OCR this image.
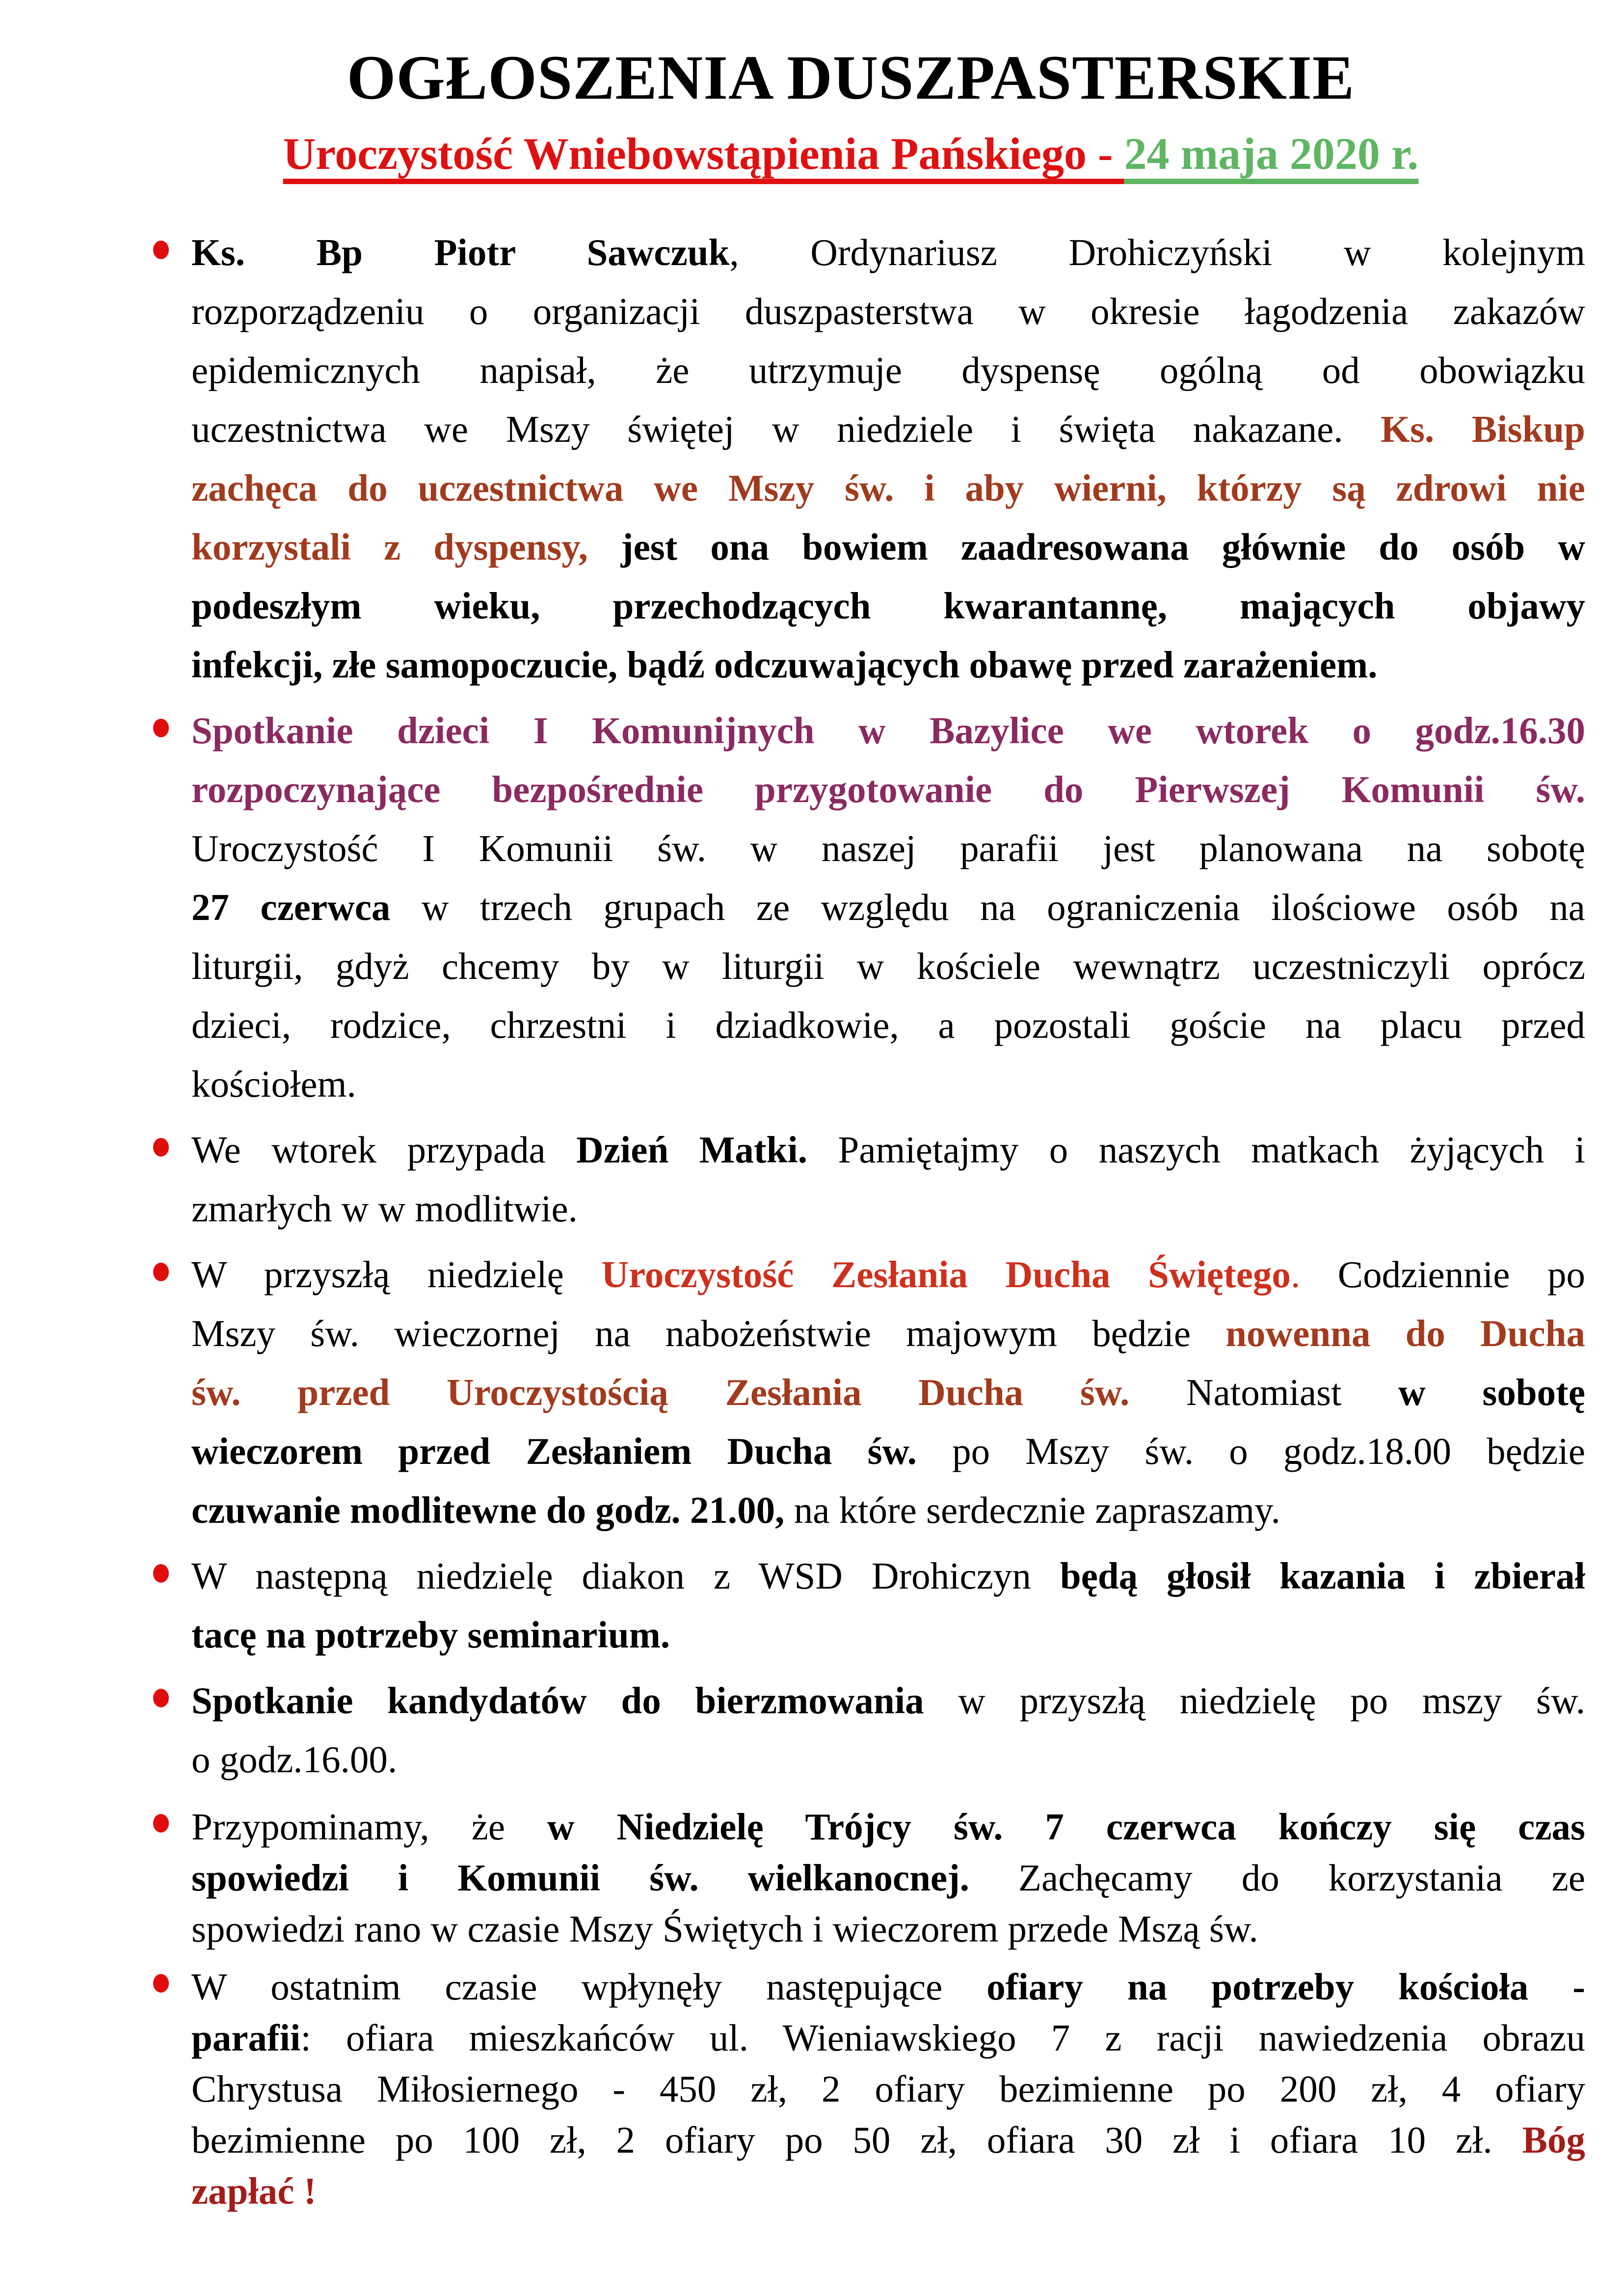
OGŁOSZENIA DUSZPASTERSKIE
Uroczystość Wniebowstąpienia Pańskiego - 24 maja 2020 r.
Ks. Bp Piotr Sawczuk, Ordynariusz Drohiczyński w kolejnym
rozporządzeniu o organizacji duszpasterstwa w okresie łagodzenia zakazów
epidemicznych napisał, że utrzymuje dyspensę ogólną od obowiązku
uczestnictwa we Mszy świętej w niedziele i święta nakazane. Ks. Biskup
zachęca do uczestnictwa we Mszy św. i aby wierni, którzy są zdrowi nie
korzystali z dyspensy, jest ona bowiem zaadresowana głównie do osób w
podeszłym wieku, przechodzących kwarantannę, mających objawy
infekcji, złe samopoczucie, bądź odczuwających obawę przed zarażeniem.
Spotkanie dzieci I Komunijnych w Bazylice we wtorek o godz.16.30
rozpoczynające bezpośrednie przygotowanie do Pierwszej Komunii św.
Uroczystość I Komunii św. w naszej parafii jest planowana na sobotę
27 czerwca w trzech grupach ze względu na ograniczenia ilościowe osób na
liturgii, gdyż chcemy by w liturgii w kościele wewnątrz uczestniczyli oprócz
dzieci, rodzice, chrzestni i dziadkowie, a pozostali goście na placu przed
kościołem.
We wtorek przypada Dzień Matki. Pamiętajmy o naszych matkach żyjących i
zmarłych w w modlitwie.
W przyszłą niedzielę Uroczystość Zesłania Ducha Świętego. Codziennie po
Mszy św. wieczornej na nabożeństwie majowym będzie nowenna do Ducha
św. przed Uroczystością Zesłania Ducha św. Natomiast w sobotę
wieczorem przed Zesłaniem Ducha św. po Mszy św. o godz.18.00 będzie
czuwanie modlitewne do godz. 21.00, na które serdecznie zapraszamy.
W następną niedzielę diakon z WSD Drohiczyn będą głosił kazania i zbierał
tacę na potrzeby seminarium.
Spotkanie kandydatów do bierzmowania w przyszłą niedzielę po mszy św.
o godz.16.00.
Przypominamy, że w Niedzielę Trójcy św. 7 czerwca kończy się czas
spowiedzi i Komunii św. wielkanocnej. Zachęcamy do korzystania ze
spowiedzi rano w czasie Mszy Świętych i wieczorem przede Mszą św.
W ostatnim czasie wpłynęły następujące ofiary na potrzeby kościoła -
parafii: ofiara mieszkańców ul. Wieniawskiego 7 z racji nawiedzenia obrazu
Chrystusa Miłosiernego - 450 zł, 2 ofiary bezimienne po 200 zł, 4 ofiary
bezimienne po 100 zł, 2 ofiary po 50 zł, ofiara 30 zł i ofiara 10 zł. Bóg
zapłać !
